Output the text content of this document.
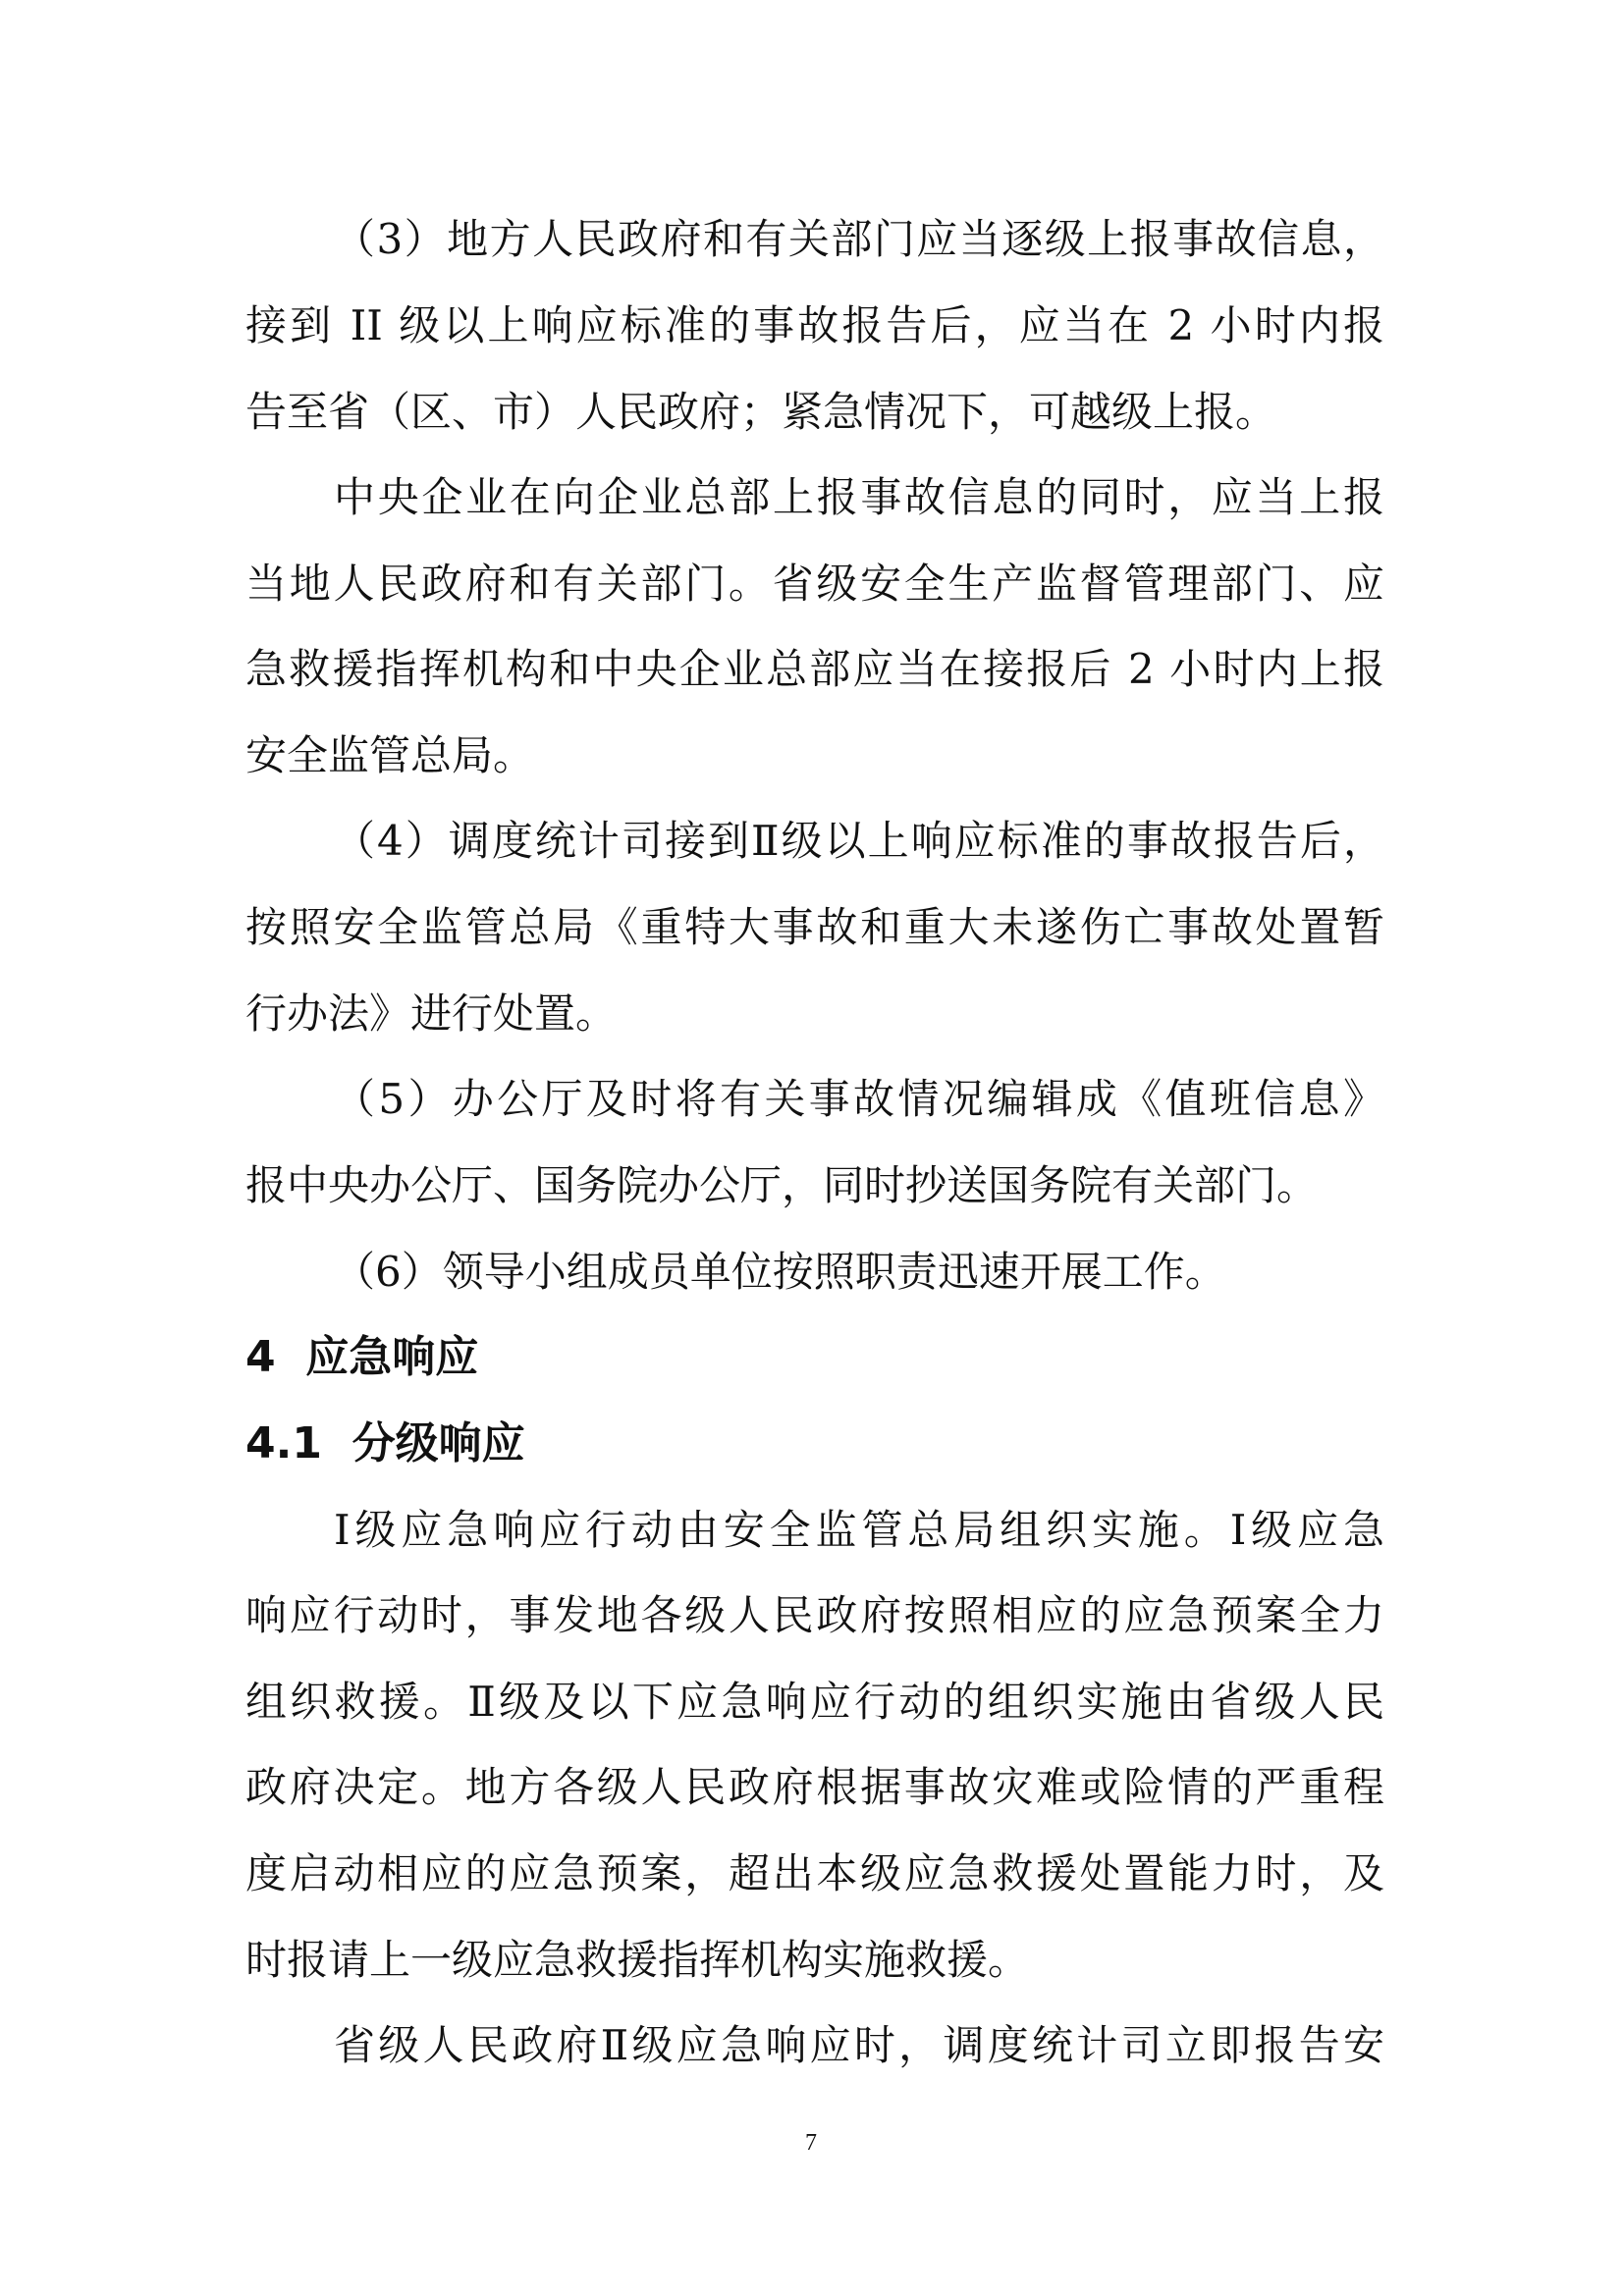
（3）地方人民政府和有关部门应当逐级上报事故信息，
接到 II 级以上响应标准的事故报告后，应当在 2 小时内报
告至省（区、市）人民政府；紧急情况下，可越级上报。
中央企业在向企业总部上报事故信息的同时，应当上报
当地人民政府和有关部门。省级安全生产监督管理部门、应
急救援指挥机构和中央企业总部应当在接报后 2 小时内上报
安全监管总局。
（4）调度统计司接到Ⅱ级以上响应标准的事故报告后，
按照安全监管总局《重特大事故和重大未遂伤亡事故处置暂
行办法》进行处置。
（5）办公厅及时将有关事故情况编辑成《值班信息》
报中央办公厅、国务院办公厅，同时抄送国务院有关部门。
（6）领导小组成员单位按照职责迅速开展工作。
4  应急响应
4.1  分级响应
Ⅰ级应急响应行动由安全监管总局组织实施。Ⅰ级应急
响应行动时，事发地各级人民政府按照相应的应急预案全力
组织救援。Ⅱ级及以下应急响应行动的组织实施由省级人民
政府决定。地方各级人民政府根据事故灾难或险情的严重程
度启动相应的应急预案，超出本级应急救援处置能力时，及
时报请上一级应急救援指挥机构实施救援。
省级人民政府Ⅱ级应急响应时，调度统计司立即报告安
7
